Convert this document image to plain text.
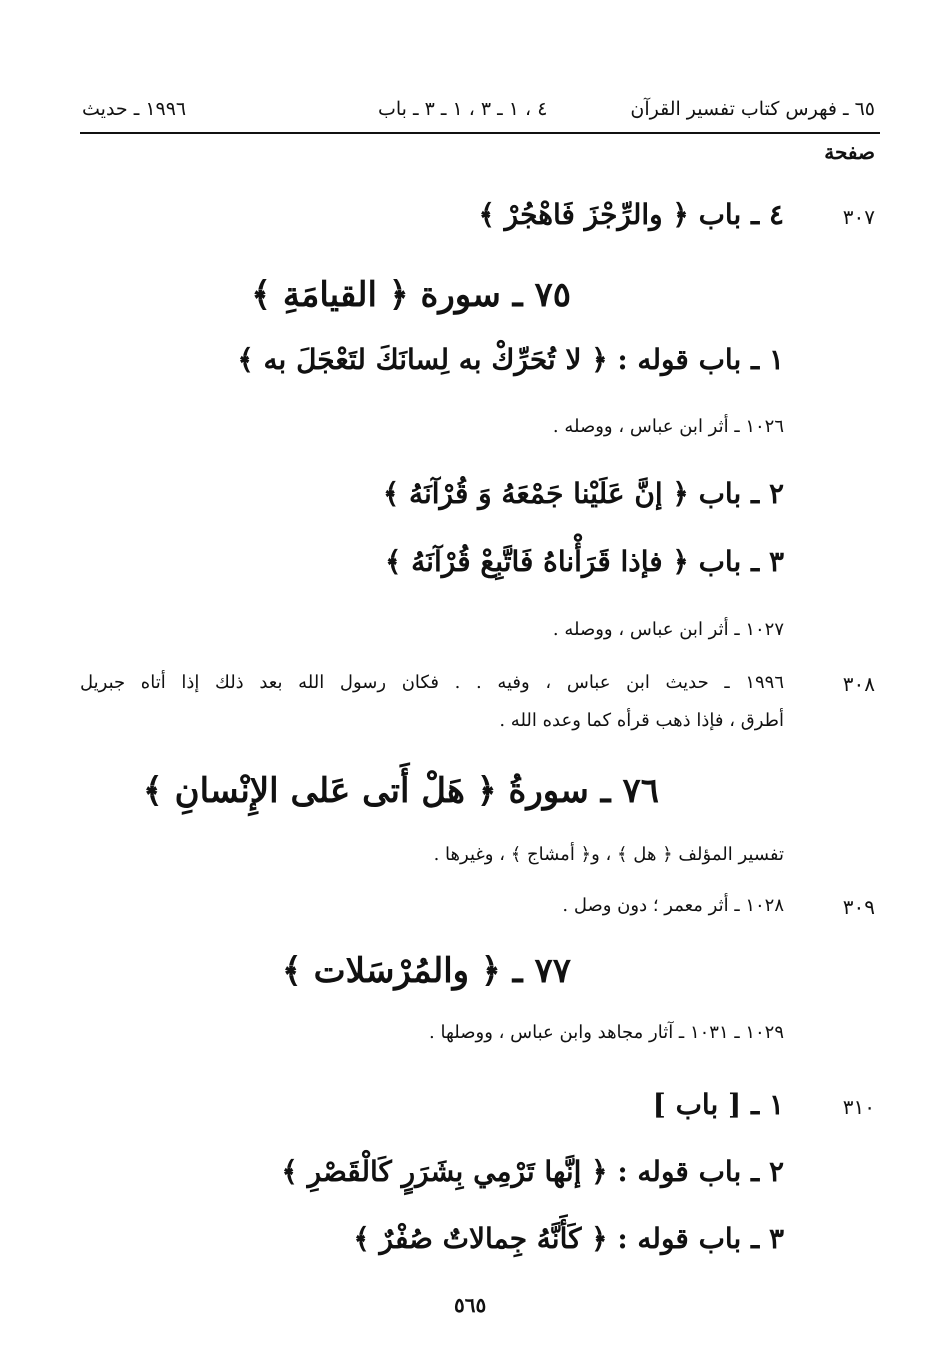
٦٥ ـ فهرس كتاب تفسير القرآن
٤ ، ١ ـ ٣ ، ١ ـ ٣ ـ باب
١٩٩٦ ـ حديث
صفحة
٣٠٧
٤ ـ باب ﴿ والرِّجْزَ فَاهْجُرْ ﴾
٧٥ ـ سورة ﴿ القيامَةِ ﴾
١ ـ باب قوله : ﴿ لا تُحَرِّكْ به لِسانَكَ لتَعْجَلَ به ﴾
١٠٢٦ ـ أثر ابن عباس ، ووصله .
٢ ـ باب ﴿ إنَّ عَلَيْنا جَمْعَهُ وَ قُرْآنَهُ ﴾
٣ ـ باب ﴿ فإذا قَرَأْناهُ فَاتَّبِعْ قُرْآنَهُ ﴾
١٠٢٧ ـ أثر ابن عباس ، ووصله .
٣٠٨
١٩٩٦ ـ حديث ابن عباس ، وفيه . . فكان رسول الله بعد ذلك إذا أتاه جبريل
أطرق ، فإذا ذهب قرأه كما وعده الله .
٧٦ ـ سورةُ ﴿ هَلْ أَتى عَلى الإِنْسانِ ﴾
تفسير المؤلف ﴿ هل ﴾ ، و﴿ أمشاج ﴾ ، وغيرها .
٣٠٩
١٠٢٨ ـ أثر معمر ؛ دون وصل .
٧٧ ـ ﴿ والمُرْسَلات ﴾
١٠٢٩ ـ ١٠٣١ ـ آثار مجاهد وابن عباس ، ووصلها .
٣١٠
١ ـ [ باب ]
٢ ـ باب قوله : ﴿ إنَّها تَرْمِي بِشَرَرٍ كَالْقَصْرِ ﴾
٣ ـ باب قوله : ﴿ كَأَنَّهُ جِمالاتٌ صُفْرٌ ﴾
٥٦٥
